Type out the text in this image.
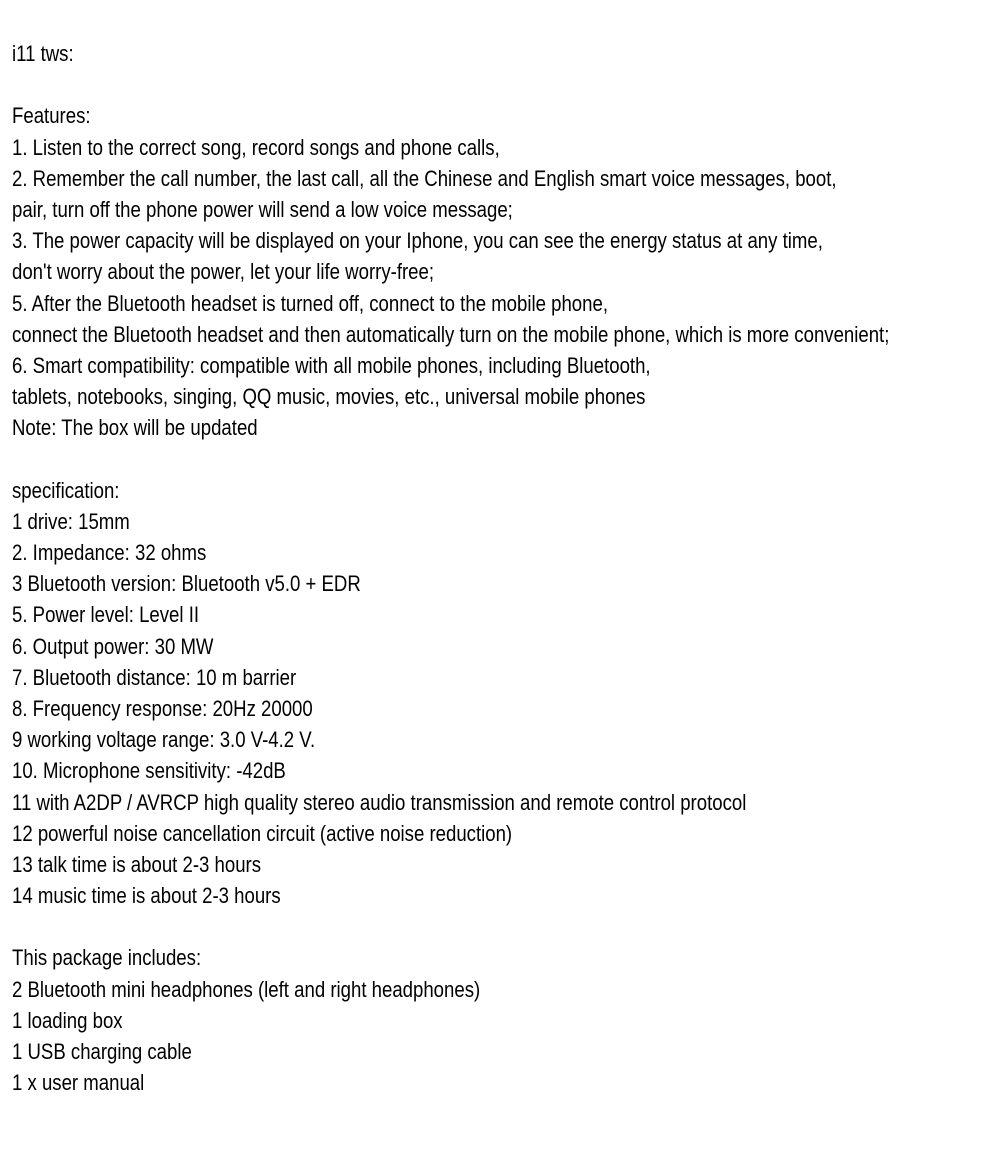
i11 tws:
Features:
1. Listen to the correct song, record songs and phone calls,
2. Remember the call number, the last call, all the Chinese and English smart voice messages, boot,
pair, turn off the phone power will send a low voice message;
3. The power capacity will be displayed on your Iphone, you can see the energy status at any time,
don't worry about the power, let your life worry-free;
5. After the Bluetooth headset is turned off, connect to the mobile phone,
connect the Bluetooth headset and then automatically turn on the mobile phone, which is more convenient;
6. Smart compatibility: compatible with all mobile phones, including Bluetooth,
tablets, notebooks, singing, QQ music, movies, etc., universal mobile phones
Note: The box will be updated
specification:
1 drive: 15mm
2. Impedance: 32 ohms
3 Bluetooth version: Bluetooth v5.0 + EDR
5. Power level: Level II
6. Output power: 30 MW
7. Bluetooth distance: 10 m barrier
8. Frequency response: 20Hz 20000
9 working voltage range: 3.0 V-4.2 V.
10. Microphone sensitivity: -42dB
11 with A2DP / AVRCP high quality stereo audio transmission and remote control protocol
12 powerful noise cancellation circuit (active noise reduction)
13 talk time is about 2-3 hours
14 music time is about 2-3 hours
This package includes:
2 Bluetooth mini headphones (left and right headphones)
1 loading box
1 USB charging cable
1 x user manual
